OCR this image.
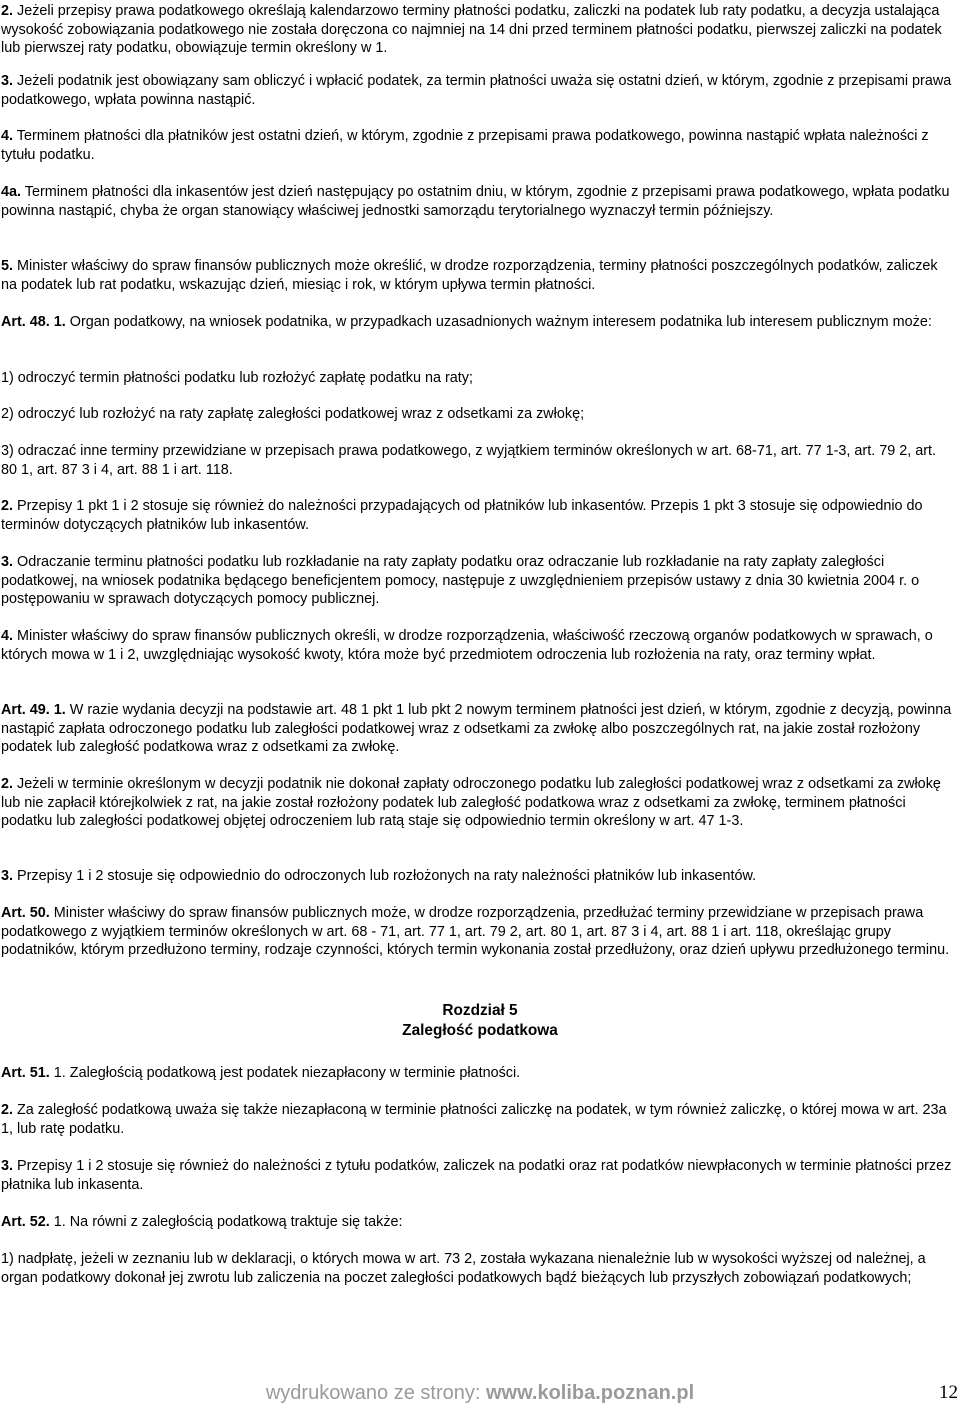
2. Jeżeli przepisy prawa podatkowego określają kalendarzowo terminy płatności podatku, zaliczki na podatek lub raty podatku, a decyzja ustalająca wysokość zobowiązania podatkowego nie została doręczona co najmniej na 14 dni przed terminem płatności podatku, pierwszej zaliczki na podatek lub pierwszej raty podatku, obowiązuje termin określony w 1.

3. Jeżeli podatnik jest obowiązany sam obliczyć i wpłacić podatek, za termin płatności uważa się ostatni dzień, w którym, zgodnie z przepisami prawa podatkowego, wpłata powinna nastąpić.

4. Terminem płatności dla płatników jest ostatni dzień, w którym, zgodnie z przepisami prawa podatkowego, powinna nastąpić wpłata należności z tytułu podatku.

4a. Terminem płatności dla inkasentów jest dzień następujący po ostatnim dniu, w którym, zgodnie z przepisami prawa podatkowego, wpłata podatku powinna nastąpić, chyba że organ stanowiący właściwej jednostki samorządu terytorialnego wyznaczył termin późniejszy.

5. Minister właściwy do spraw finansów publicznych może określić, w drodze rozporządzenia, terminy płatności poszczególnych podatków, zaliczek na podatek lub rat podatku, wskazując dzień, miesiąc i rok, w którym upływa termin płatności.

Art. 48. 1. Organ podatkowy, na wniosek podatnika, w przypadkach uzasadnionych ważnym interesem podatnika lub interesem publicznym może:

1) odroczyć termin płatności podatku lub rozłożyć zapłatę podatku na raty;

2) odroczyć lub rozłożyć na raty zapłatę zaległości podatkowej wraz z odsetkami za zwłokę;

3) odraczać inne terminy przewidziane w przepisach prawa podatkowego, z wyjątkiem terminów określonych w art. 68-71, art. 77 1-3, art. 79 2, art. 80 1, art. 87 3 i 4, art. 88 1 i art. 118.

2. Przepisy 1 pkt 1 i 2 stosuje się również do należności przypadających od płatników lub inkasentów. Przepis 1 pkt 3 stosuje się odpowiednio do terminów dotyczących płatników lub inkasentów.

3. Odraczanie terminu płatności podatku lub rozkładanie na raty zapłaty podatku oraz odraczanie lub rozkładanie na raty zapłaty zaległości podatkowej, na wniosek podatnika będącego beneficjentem pomocy, następuje z uwzględnieniem przepisów ustawy z dnia 30 kwietnia 2004 r. o postępowaniu w sprawach dotyczących pomocy publicznej.

4. Minister właściwy do spraw finansów publicznych określi, w drodze rozporządzenia, właściwość rzeczową organów podatkowych w sprawach, o których mowa w 1 i 2, uwzględniając wysokość kwoty, która może być przedmiotem odroczenia lub rozłożenia na raty, oraz terminy wpłat.

Art. 49. 1. W razie wydania decyzji na podstawie art. 48 1 pkt 1 lub pkt 2 nowym terminem płatności jest dzień, w którym, zgodnie z decyzją, powinna nastąpić zapłata odroczonego podatku lub zaległości podatkowej wraz z odsetkami za zwłokę albo poszczególnych rat, na jakie został rozłożony podatek lub zaległość podatkowa wraz z odsetkami za zwłokę.

2. Jeżeli w terminie określonym w decyzji podatnik nie dokonał zapłaty odroczonego podatku lub zaległości podatkowej wraz z odsetkami za zwłokę lub nie zapłacił którejkolwiek z rat, na jakie został rozłożony podatek lub zaległość podatkowa wraz z odsetkami za zwłokę, terminem płatności podatku lub zaległości podatkowej objętej odroczeniem lub ratą staje się odpowiednio termin określony w art. 47 1-3.

3. Przepisy 1 i 2 stosuje się odpowiednio do odroczonych lub rozłożonych na raty należności płatników lub inkasentów.

Art. 50. Minister właściwy do spraw finansów publicznych może, w drodze rozporządzenia, przedłużać terminy przewidziane w przepisach prawa podatkowego z wyjątkiem terminów określonych w art. 68 - 71, art. 77 1, art. 79 2, art. 80 1, art. 87 3 i 4, art. 88 1 i art. 118, określając grupy podatników, którym przedłużono terminy, rodzaje czynności, których termin wykonania został przedłużony, oraz dzień upływu przedłużonego terminu.

Rozdział 5
Zaległość podatkowa

Art. 51. 1. Zaległością podatkową jest podatek niezapłacony w terminie płatności.

2. Za zaległość podatkową uważa się także niezapłaconą w terminie płatności zaliczkę na podatek, w tym również zaliczkę, o której mowa w art. 23a 1, lub ratę podatku.

3. Przepisy 1 i 2 stosuje się również do należności z tytułu podatków, zaliczek na podatki oraz rat podatków niewpłaconych w terminie płatności przez płatnika lub inkasenta.

Art. 52. 1. Na równi z zaległością podatkową traktuje się także:

1) nadpłatę, jeżeli w zeznaniu lub w deklaracji, o których mowa w art. 73 2, została wykazana nienależnie lub w wysokości wyższej od należnej, a organ podatkowy dokonał jej zwrotu lub zaliczenia na poczet zaległości podatkowych bądź bieżących lub przyszłych zobowiązań podatkowych;

wydrukowano ze strony: www.koliba.poznan.pl	12
